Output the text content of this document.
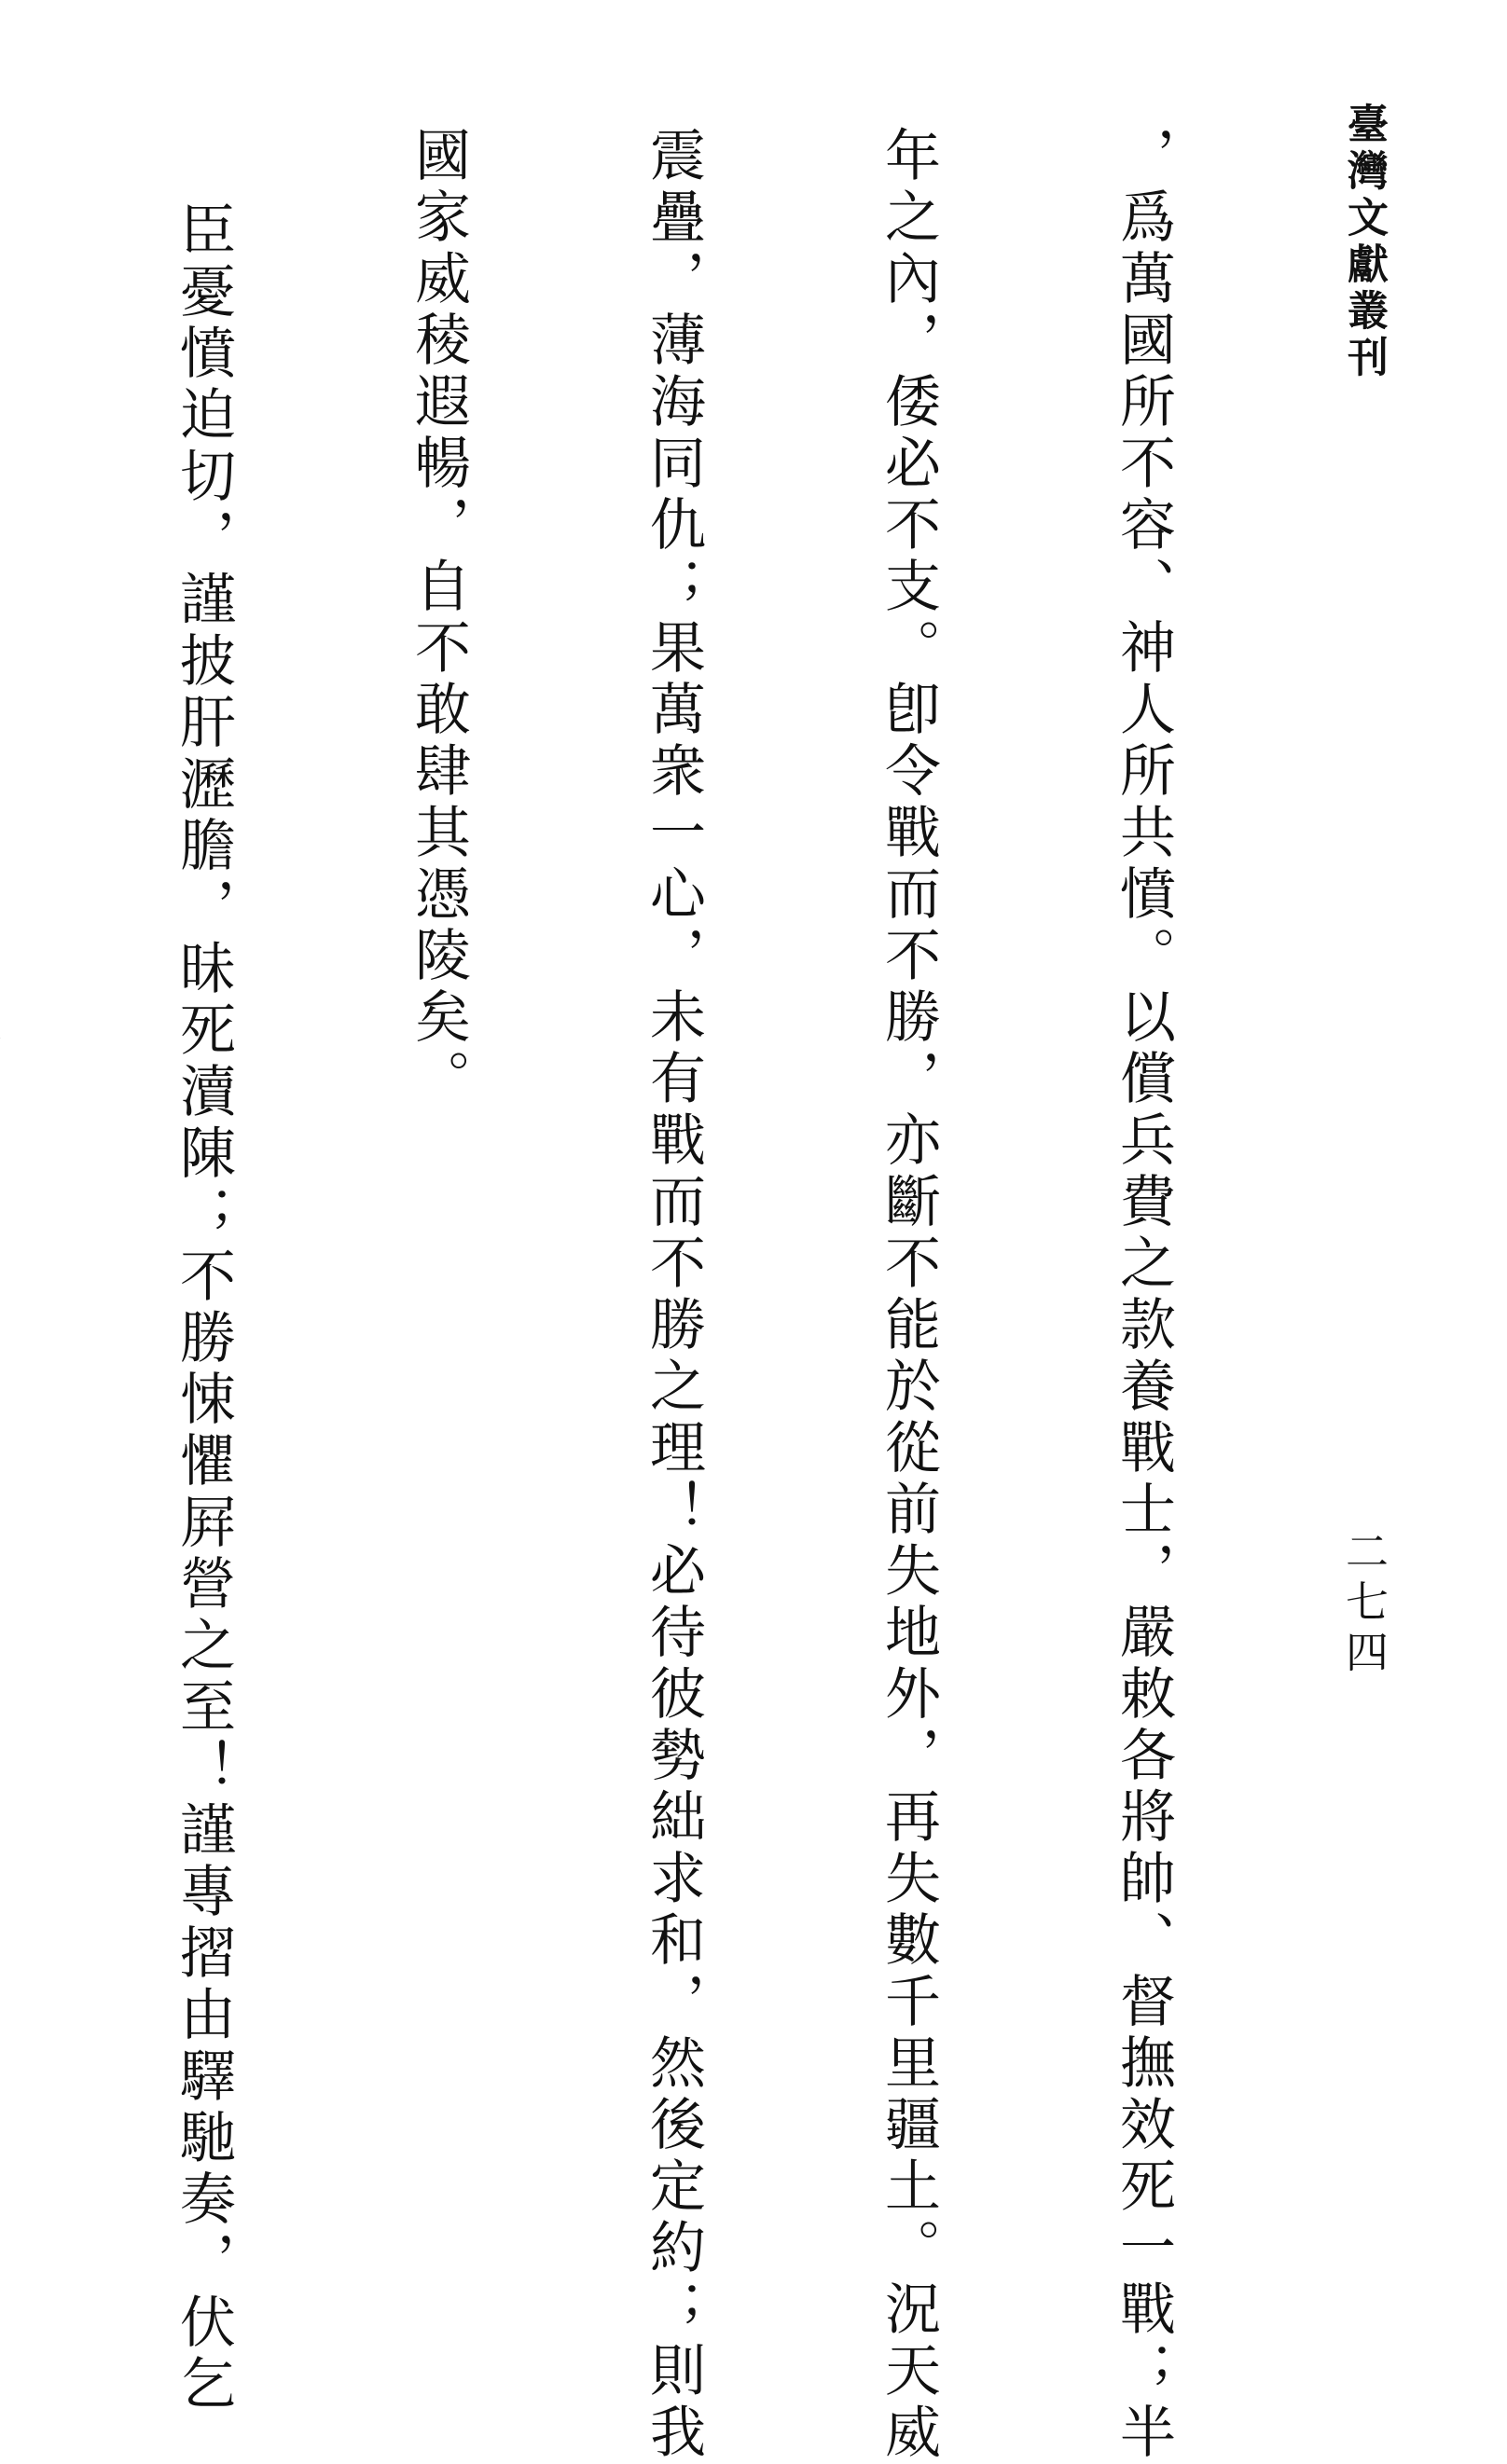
臺灣文獻叢刊
二七四

，爲萬國所不容、神人所共憤。以償兵費之款養戰士，嚴敕各將帥、督撫效死一戰；半

年之內，倭必不支。卽令戰而不勝，亦斷不能於從前失地外，再失數千里疆土。況天威

震疊，薄海同仇；果萬衆一心，未有戰而不勝之理！必待彼勢絀求和，然後定約；則我

國家威稜遐暢，自不敢肆其憑陵矣。

臣憂憤迫切，謹披肝瀝膽，昧死瀆陳；不勝悚懼屛營之至！謹專摺由驛馳奏，伏乞
